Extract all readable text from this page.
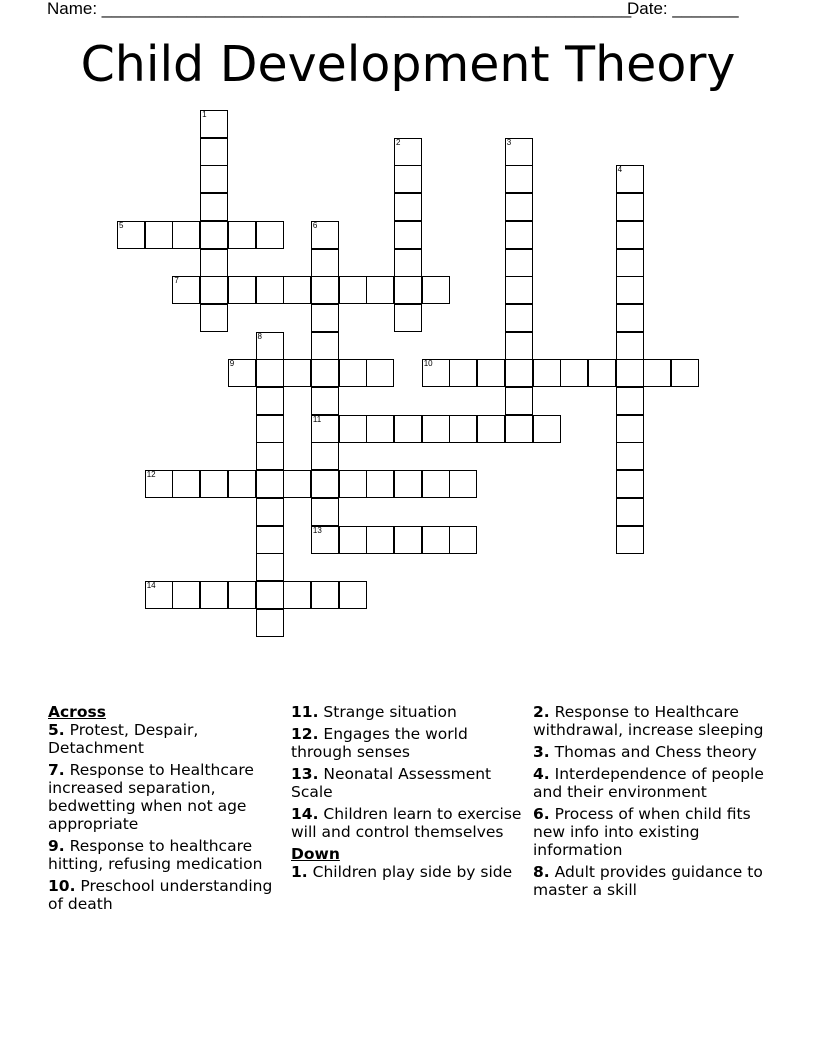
Name: ________________________________________________________
Date: _______
Child Development Theory
1
2	3
4
6
11
13
8
5
7
9	10
12
14
Across
5. Protest, Despair, Detachment
7. Response to Healthcare increased separation, bedwetting when not age appropriate
9. Response to healthcare hitting, refusing medication
10. Preschool understanding of death
11. Strange situation
12. Engages the world through senses
13. Neonatal Assessment Scale
14. Children learn to exercise will and control themselves
Down
1. Children play side by side
2. Response to Healthcare withdrawal, increase sleeping
3. Thomas and Chess theory
4. Interdependence of people and their environment
6. Process of when child fits new info into existing information
8. Adult provides guidance to master a skill
